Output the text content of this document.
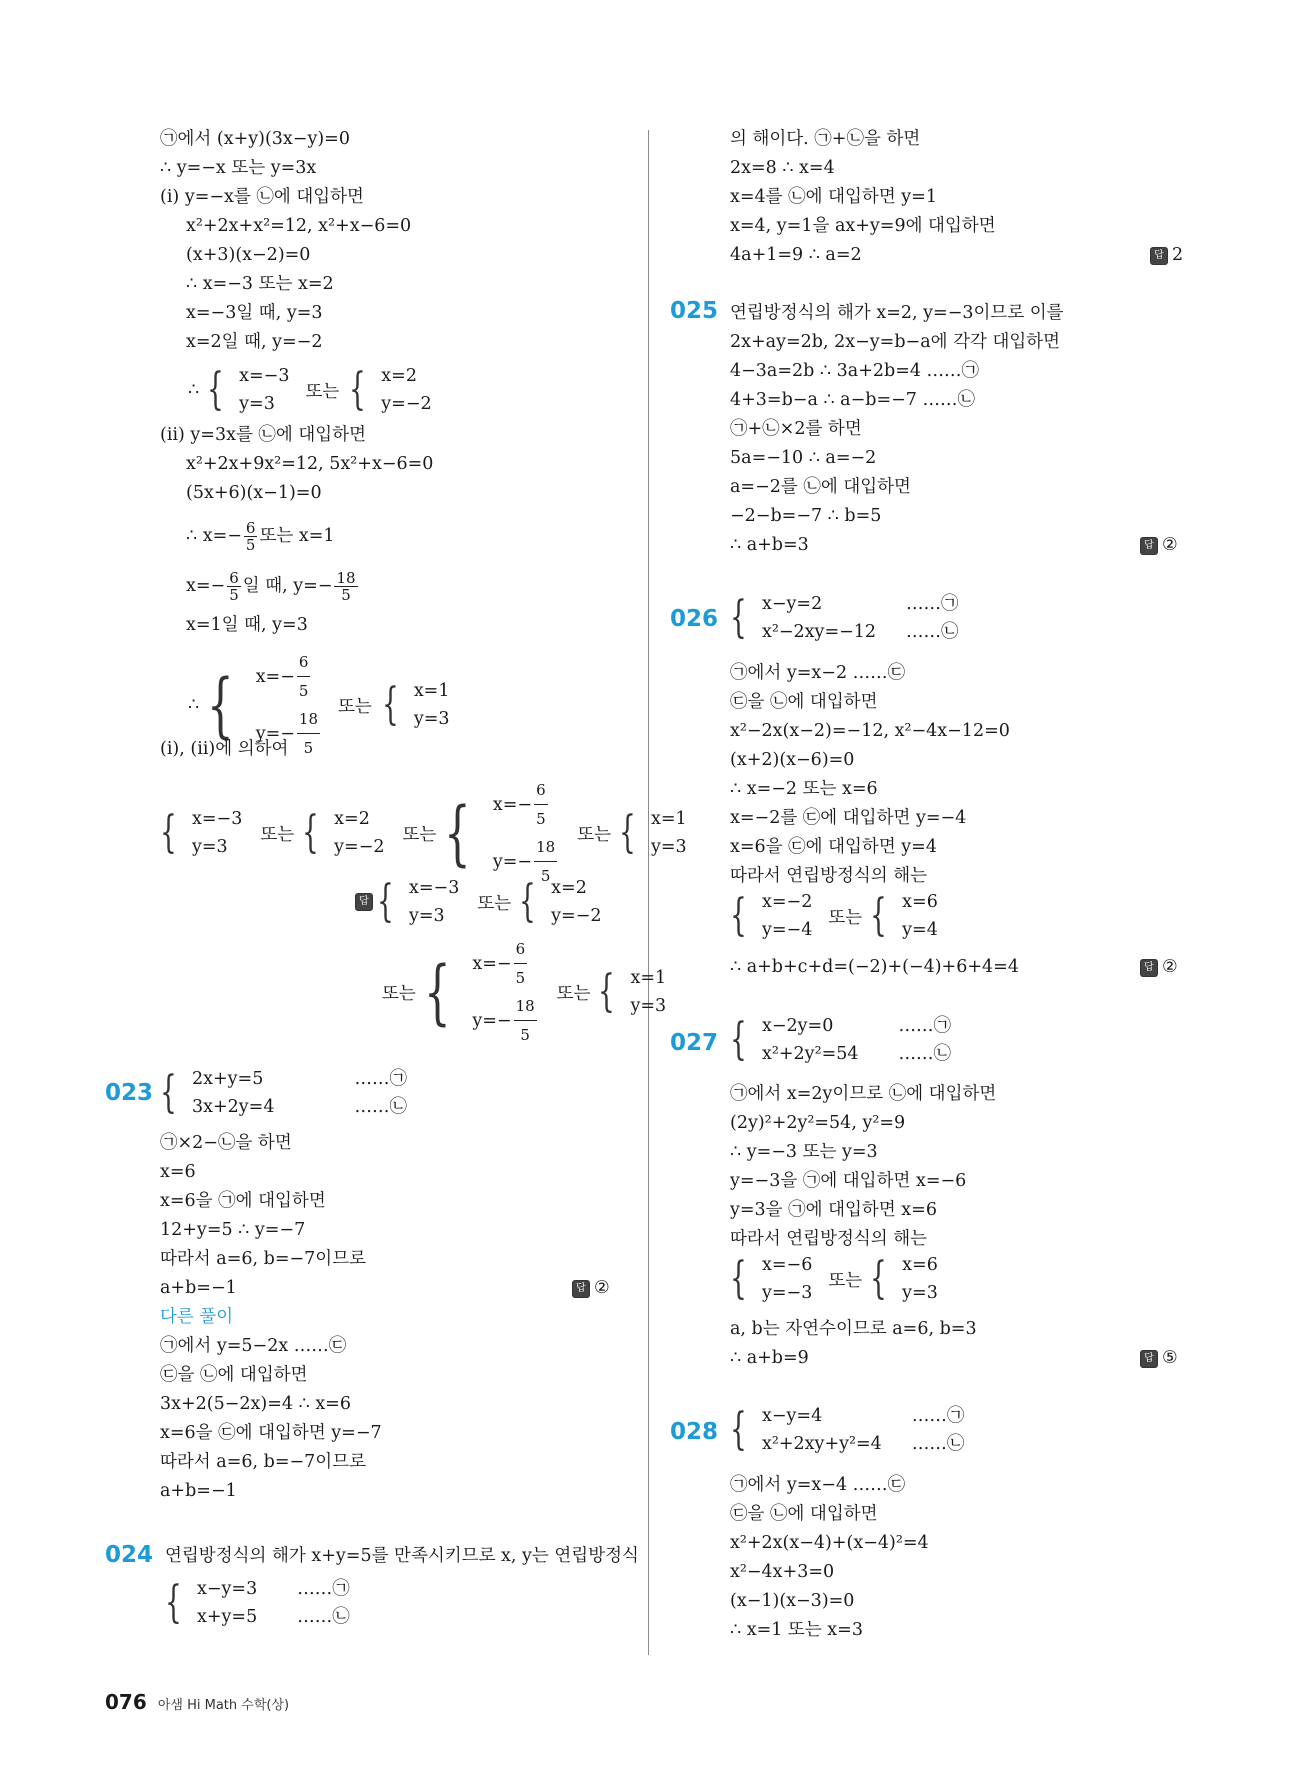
㉠에서 (x+y)(3x−y)=0
∴ y=−x 또는 y=3x
(ⅰ) y=−x를 ㉡에 대입하면
x²+2x+x²=12, x²+x−6=0
(x+3)(x−2)=0
∴ x=−3 또는 x=2
x=−3일 때, y=3
x=2일 때, y=−2
∴ { x=−3
y=3
또는 { x=2
y=−2
(ⅱ) y=3x를 ㉡에 대입하면
x²+2x+9x²=12, 5x²+x−6=0
(5x+6)(x−1)=0
∴ $x=- \frac{6}{5}$ 또는 x=1
$x=- \frac{6}{5}$ 일 때, $y=- \frac{18}{5}$
x=1일 때, y=3
∴ { $x=- \frac{6}{5}$
$y=- \frac{18}{5}$ 또는 { x=1
y=3
(ⅰ), (ⅱ)에 의하여
{ x=−3
y=3
또는 { x=2
y=−2
또는 { $x=- \frac{6}{5}$
$y=- \frac{18}{5}$ 또는 { x=1
y=3
답 { x=−3
y=3
또는 { x=2
y=−2
또는 { $x=- \frac{6}{5}$
$y=- \frac{18}{5}$ 또는 { x=1
y=3
023 { 2x+y=5
3x+2y=4
……㉠
……㉡
㉠×2−㉡을 하면
x=6
x=6을 ㉠에 대입하면
12+y=5 ∴ y=−7
따라서 a=6, b=−7이므로
a+b=−1
다른 풀이
㉠에서 y=5−2x ……㉢
㉢을 ㉡에 대입하면
3x+2(5−2x)=4 ∴ x=6
x=6을 ㉢에 대입하면 y=−7
따라서 a=6, b=−7이므로
a+b=−1
답 ②
024 연립방정식의 해가 x+y=5를 만족시키므로 x, y는 연립방정식
{ x−y=3
x+y=5
……㉠
……㉡
의 해이다. ㉠+㉡을 하면
2x=8 ∴ x=4
x=4를 ㉡에 대입하면 y=1
x=4, y=1을 ax+y=9에 대입하면
4a+1=9 ∴ a=2
연립방정식의 해가 x=2, y=−3이므로 이를
2x+ay=2b, 2x−y=b−a에 각각 대입하면
4−3a=2b ∴ 3a+2b=4 ……㉠
4+3=b−a ∴ a−b=−7 ……㉡
㉠+㉡×2를 하면
5a=−10 ∴ a=−2
a=−2를 ㉡에 대입하면
−2−b=−7 ∴ b=5
∴ a+b=3
㉠에서 y=x−2 ……㉢
㉢을 ㉡에 대입하면
x²−2x(x−2)=−12, x²−4x−12=0
(x+2)(x−6)=0
∴ x=−2 또는 x=6
x=−2를 ㉢에 대입하면 y=−4
x=6을 ㉢에 대입하면 y=4
따라서 연립방정식의 해는
∴ a+b+c+d=(−2)+(−4)+6+4=4
㉠에서 x=2y이므로 ㉡에 대입하면
(2y)²+2y²=54, y²=9
∴ y=−3 또는 y=3
y=−3을 ㉠에 대입하면 x=−6
y=3을 ㉠에 대입하면 x=6
따라서 연립방정식의 해는
a, b는 자연수이므로 a=6, b=3
∴ a+b=9
㉠에서 y=x−4 ……㉢
㉢을 ㉡에 대입하면
x²+2x(x−4)+(x−4)²=4
x²−4x+3=0
(x−1)(x−3)=0
∴ x=1 또는 x=3
답 2
025
답 ②
026 { x−y=2
x²−2xy=−12
……㉠
……㉡
{ x=−2
y=−4
또는 { x=6
y=4
답 ②
027 { x−2y=0
x²+2y²=54
……㉠
……㉡
{ x=−6
y=−3
또는 { x=6
y=3
답 ⑤
028 { x−y=4
x²+2xy+y²=4
……㉠
……㉡
076 아샘 Hi Math 수학(상)
